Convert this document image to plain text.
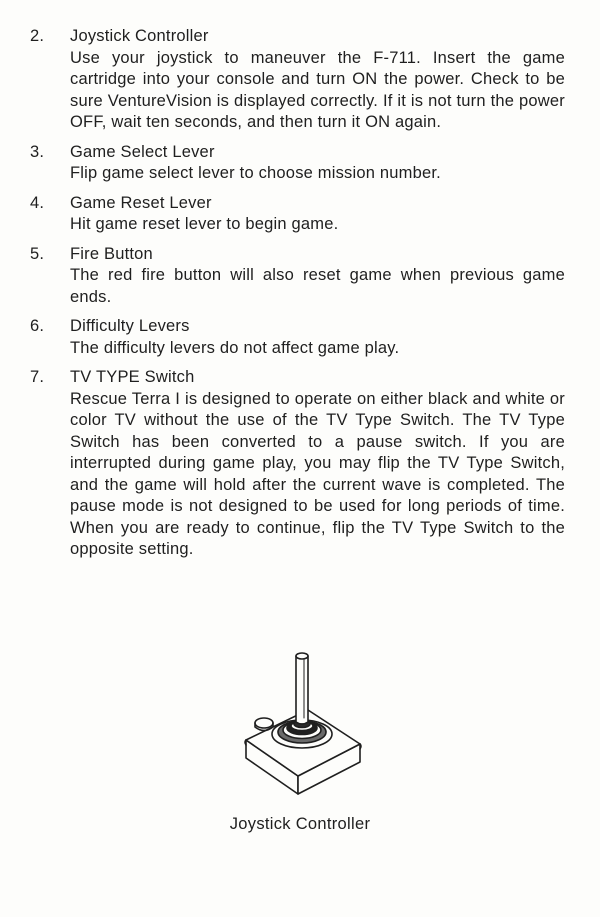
2.	Joystick Controller
Use your joystick to maneuver the F-711. Insert the game cartridge into your console and turn ON the power. Check to be sure VentureVision is displayed correctly. If it is not turn the power OFF, wait ten seconds, and then turn it ON again.
3.	Game Select Lever
Flip game select lever to choose mission number.
4.	Game Reset Lever
Hit game reset lever to begin game.
5.	Fire Button
The red fire button will also reset game when previous game ends.
6.	Difficulty Levers
The difficulty levers do not affect game play.
7.	TV TYPE Switch
Rescue Terra I is designed to operate on either black and white or color TV without the use of the TV Type Switch. The TV Type Switch has been converted to a pause switch. If you are interrupted during game play, you may flip the TV Type Switch, and the game will hold after the current wave is completed. The pause mode is not designed to be used for long periods of time. When you are ready to continue, flip the TV Type Switch to the opposite setting.
Joystick Controller
